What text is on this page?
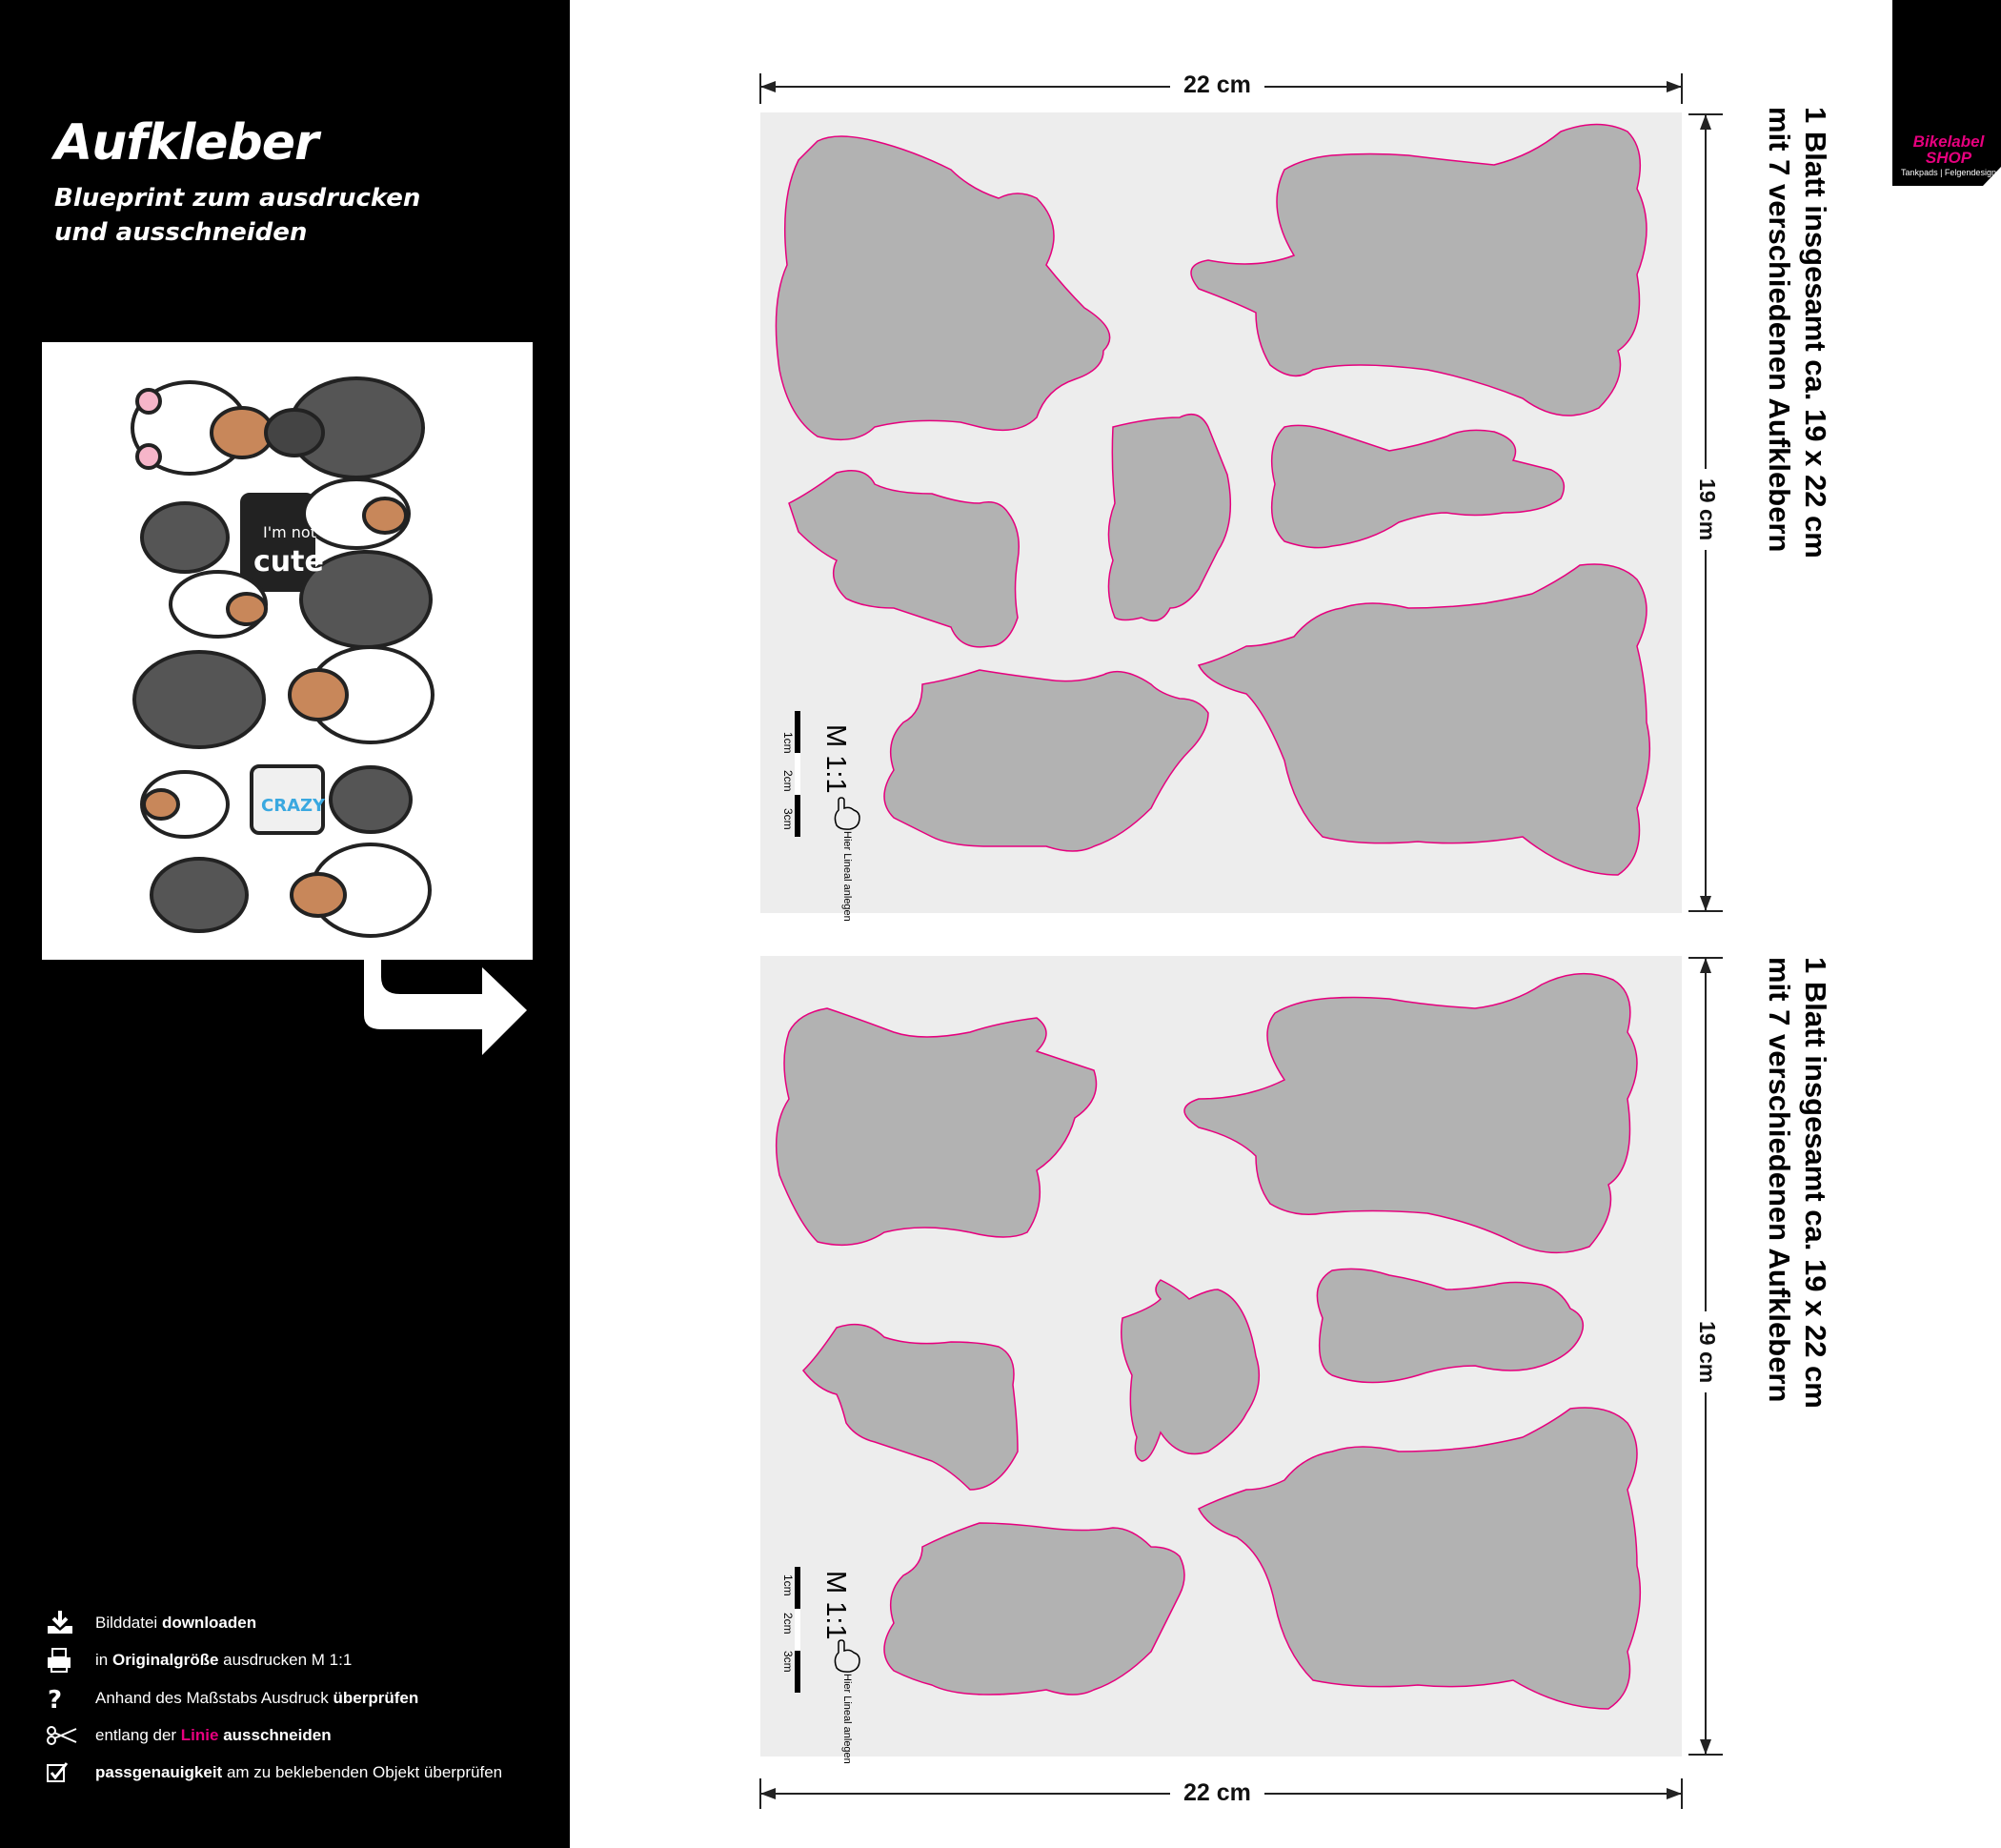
Aufkleber
Blueprint zum ausdrucken und ausschneiden
I'm not
cute
CRAZY
Bilddatei downloaden
in Originalgröße ausdrucken M 1:1
? Anhand des Maßstabs Ausdruck überprüfen
entlang der Linie ausschneiden
passgenauigkeit am zu beklebenden Objekt überprüfen
Bikelabel SHOP
Tankpads | Felgendesign
22 cm
19 cm	1 Blatt insgesamt ca. 19 x 22 cm
mit 7 verschiedenen Aufklebern
M 1:1
1cm
2cm
3cm
Hier Lineal anlegen
19 cm	1 Blatt insgesamt ca. 19 x 22 cm
mit 7 verschiedenen Aufklebern
M 1:1
1cm
2cm
3cm
Hier Lineal anlegen
22 cm
